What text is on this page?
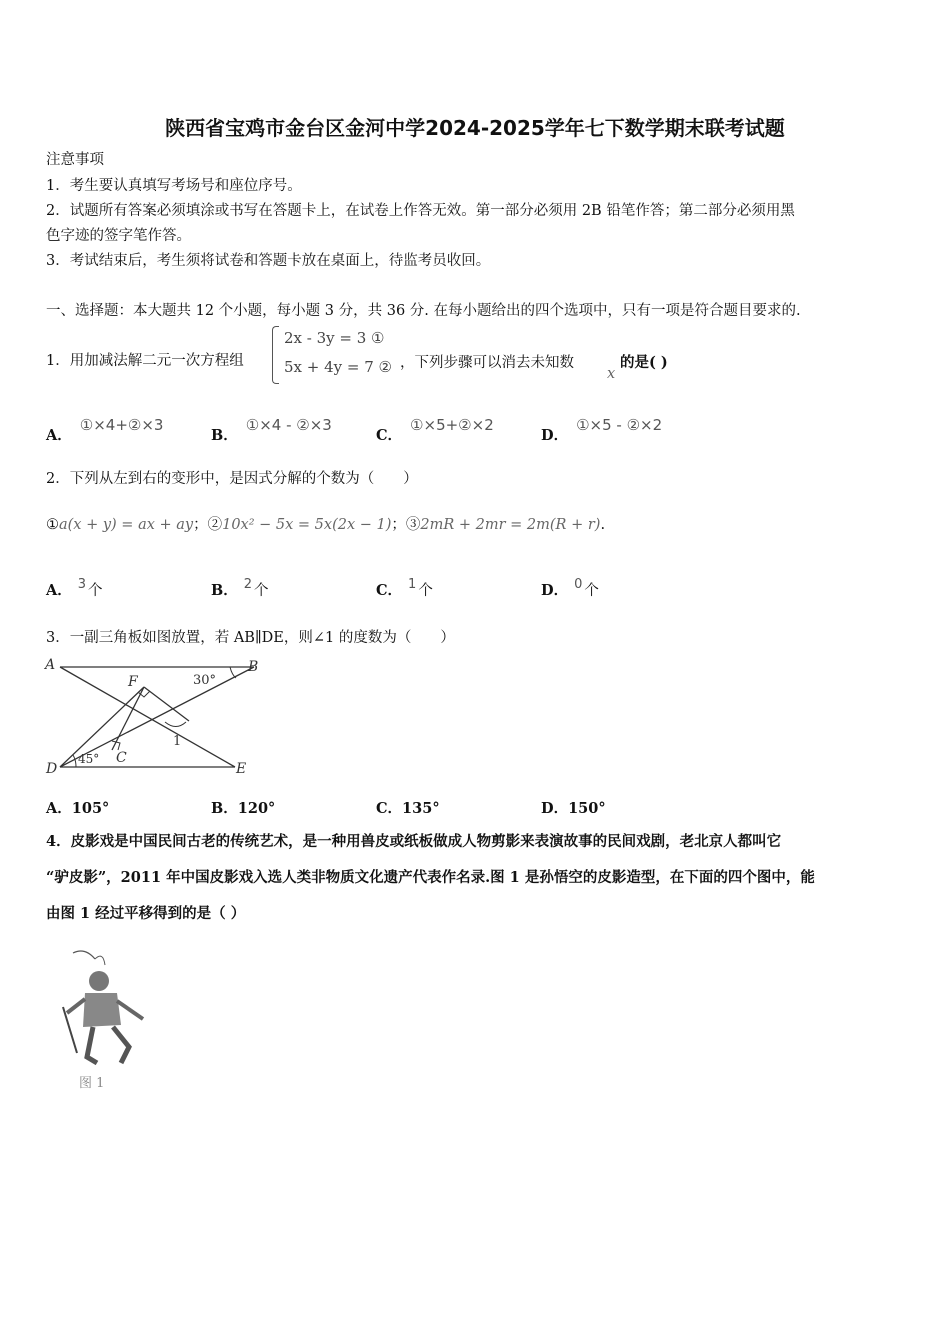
陕西省宝鸡市金台区金河中学2024-2025学年七下数学期末联考试题
注意事项
1．考生要认真填写考场号和座位序号。
2．试题所有答案必须填涂或书写在答题卡上，在试卷上作答无效。第一部分必须用 2B 铅笔作答；第二部分必须用黑
色字迹的签字笔作答。
3．考试结束后，考生须将试卷和答题卡放在桌面上，待监考员收回。
一、选择题：本大题共 12 个小题，每小题 3 分，共 36 分. 在每小题给出的四个选项中，只有一项是符合题目要求的.
1．用加减法解二元一次方程组
2x - 3y = 3 ①
5x + 4y = 7 ② ，下列步骤可以消去未知数
x
的是( )
A．①×4+②×3
B．①×4 - ②×3
C．①×5+②×2
D．①×5 - ②×2
2．下列从左到右的变形中，是因式分解的个数为（　　）
①a(x + y) = ax + ay；②10x² − 5x = 5x(2x − 1)；③2mR + 2mr = 2m(R + r).
A． 3 个	B． 2 个	C． 1 个	D． 0 个
3．一副三角板如图放置，若 AB∥DE，则∠1 的度数为（　　）
A	B
D	E
F
C
30°
45°
1
A．105°	B．120°	C．135°	D．150°
4．皮影戏是中国民间古老的传统艺术，是一种用兽皮或纸板做成人物剪影来表演故事的民间戏剧，老北京人都叫它
“驴皮影”，2011 年中国皮影戏入选人类非物质文化遗产代表作名录.图 1 是孙悟空的皮影造型，在下面的四个图中，能
由图 1 经过平移得到的是（ ）
图 1
